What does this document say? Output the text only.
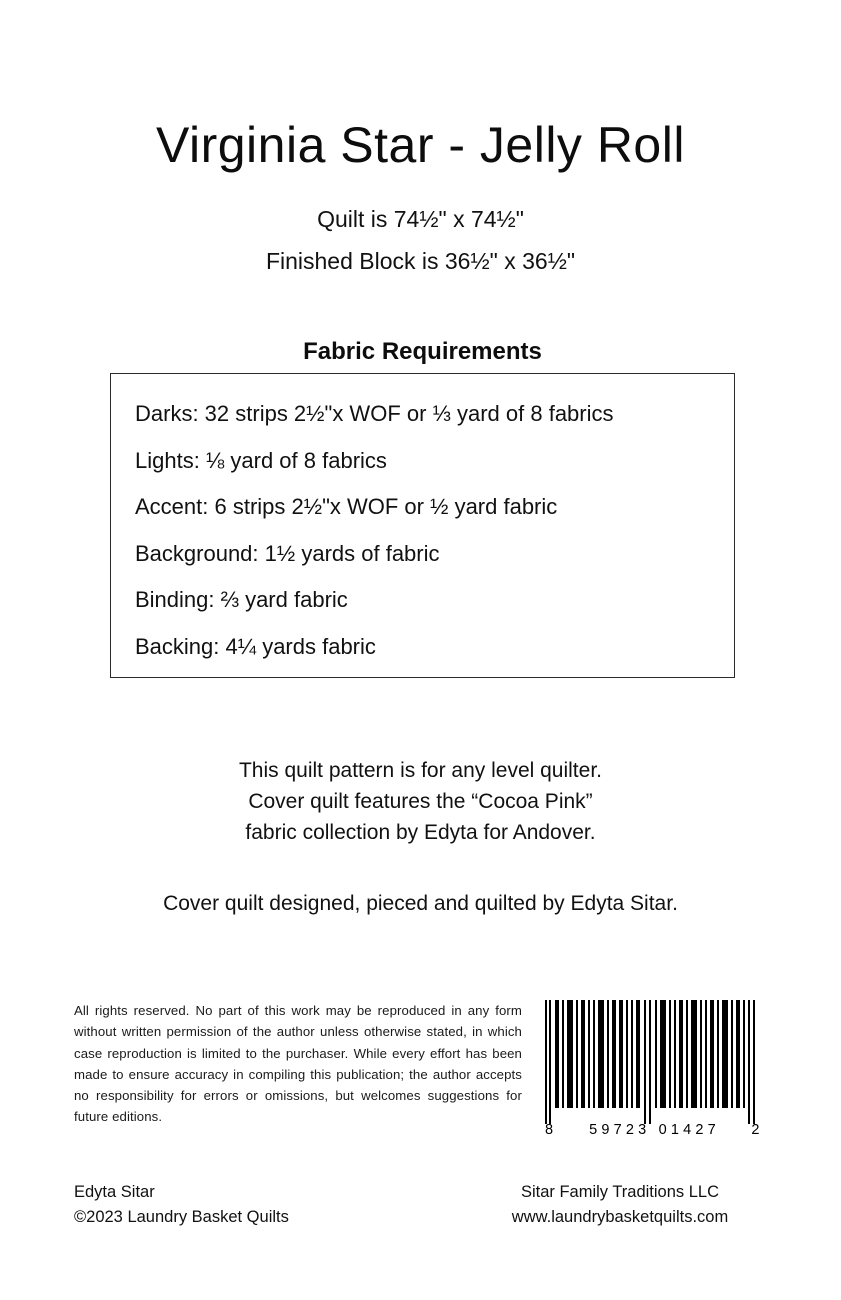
Virginia Star - Jelly Roll
Quilt is 74½" x 74½"
Finished Block is 36½" x 36½"
Fabric Requirements
Darks: 32 strips 2½"x WOF or ⅓ yard of 8 fabrics
Lights: ⅛ yard of 8 fabrics
Accent: 6 strips 2½"x WOF or ½ yard fabric
Background: 1½ yards of fabric
Binding: ⅔ yard fabric
Backing: 4¼ yards fabric
This quilt pattern is for any level quilter.
Cover quilt features the “Cocoa Pink”
fabric collection by Edyta for Andover.
Cover quilt designed, pieced and quilted by Edyta Sitar.
All rights reserved. No part of this work may be reproduced in any form without written permission of the author unless otherwise stated, in which case reproduction is limited to the purchaser. While every effort has been made to ensure accuracy in compiling this publication; the author accepts no responsibility for errors or omissions, but welcomes suggestions for future editions.
Edyta Sitar
©2023 Laundry Basket Quilts
Sitar Family Traditions LLC
www.laundrybasketquilts.com
8 59723 01427 2
